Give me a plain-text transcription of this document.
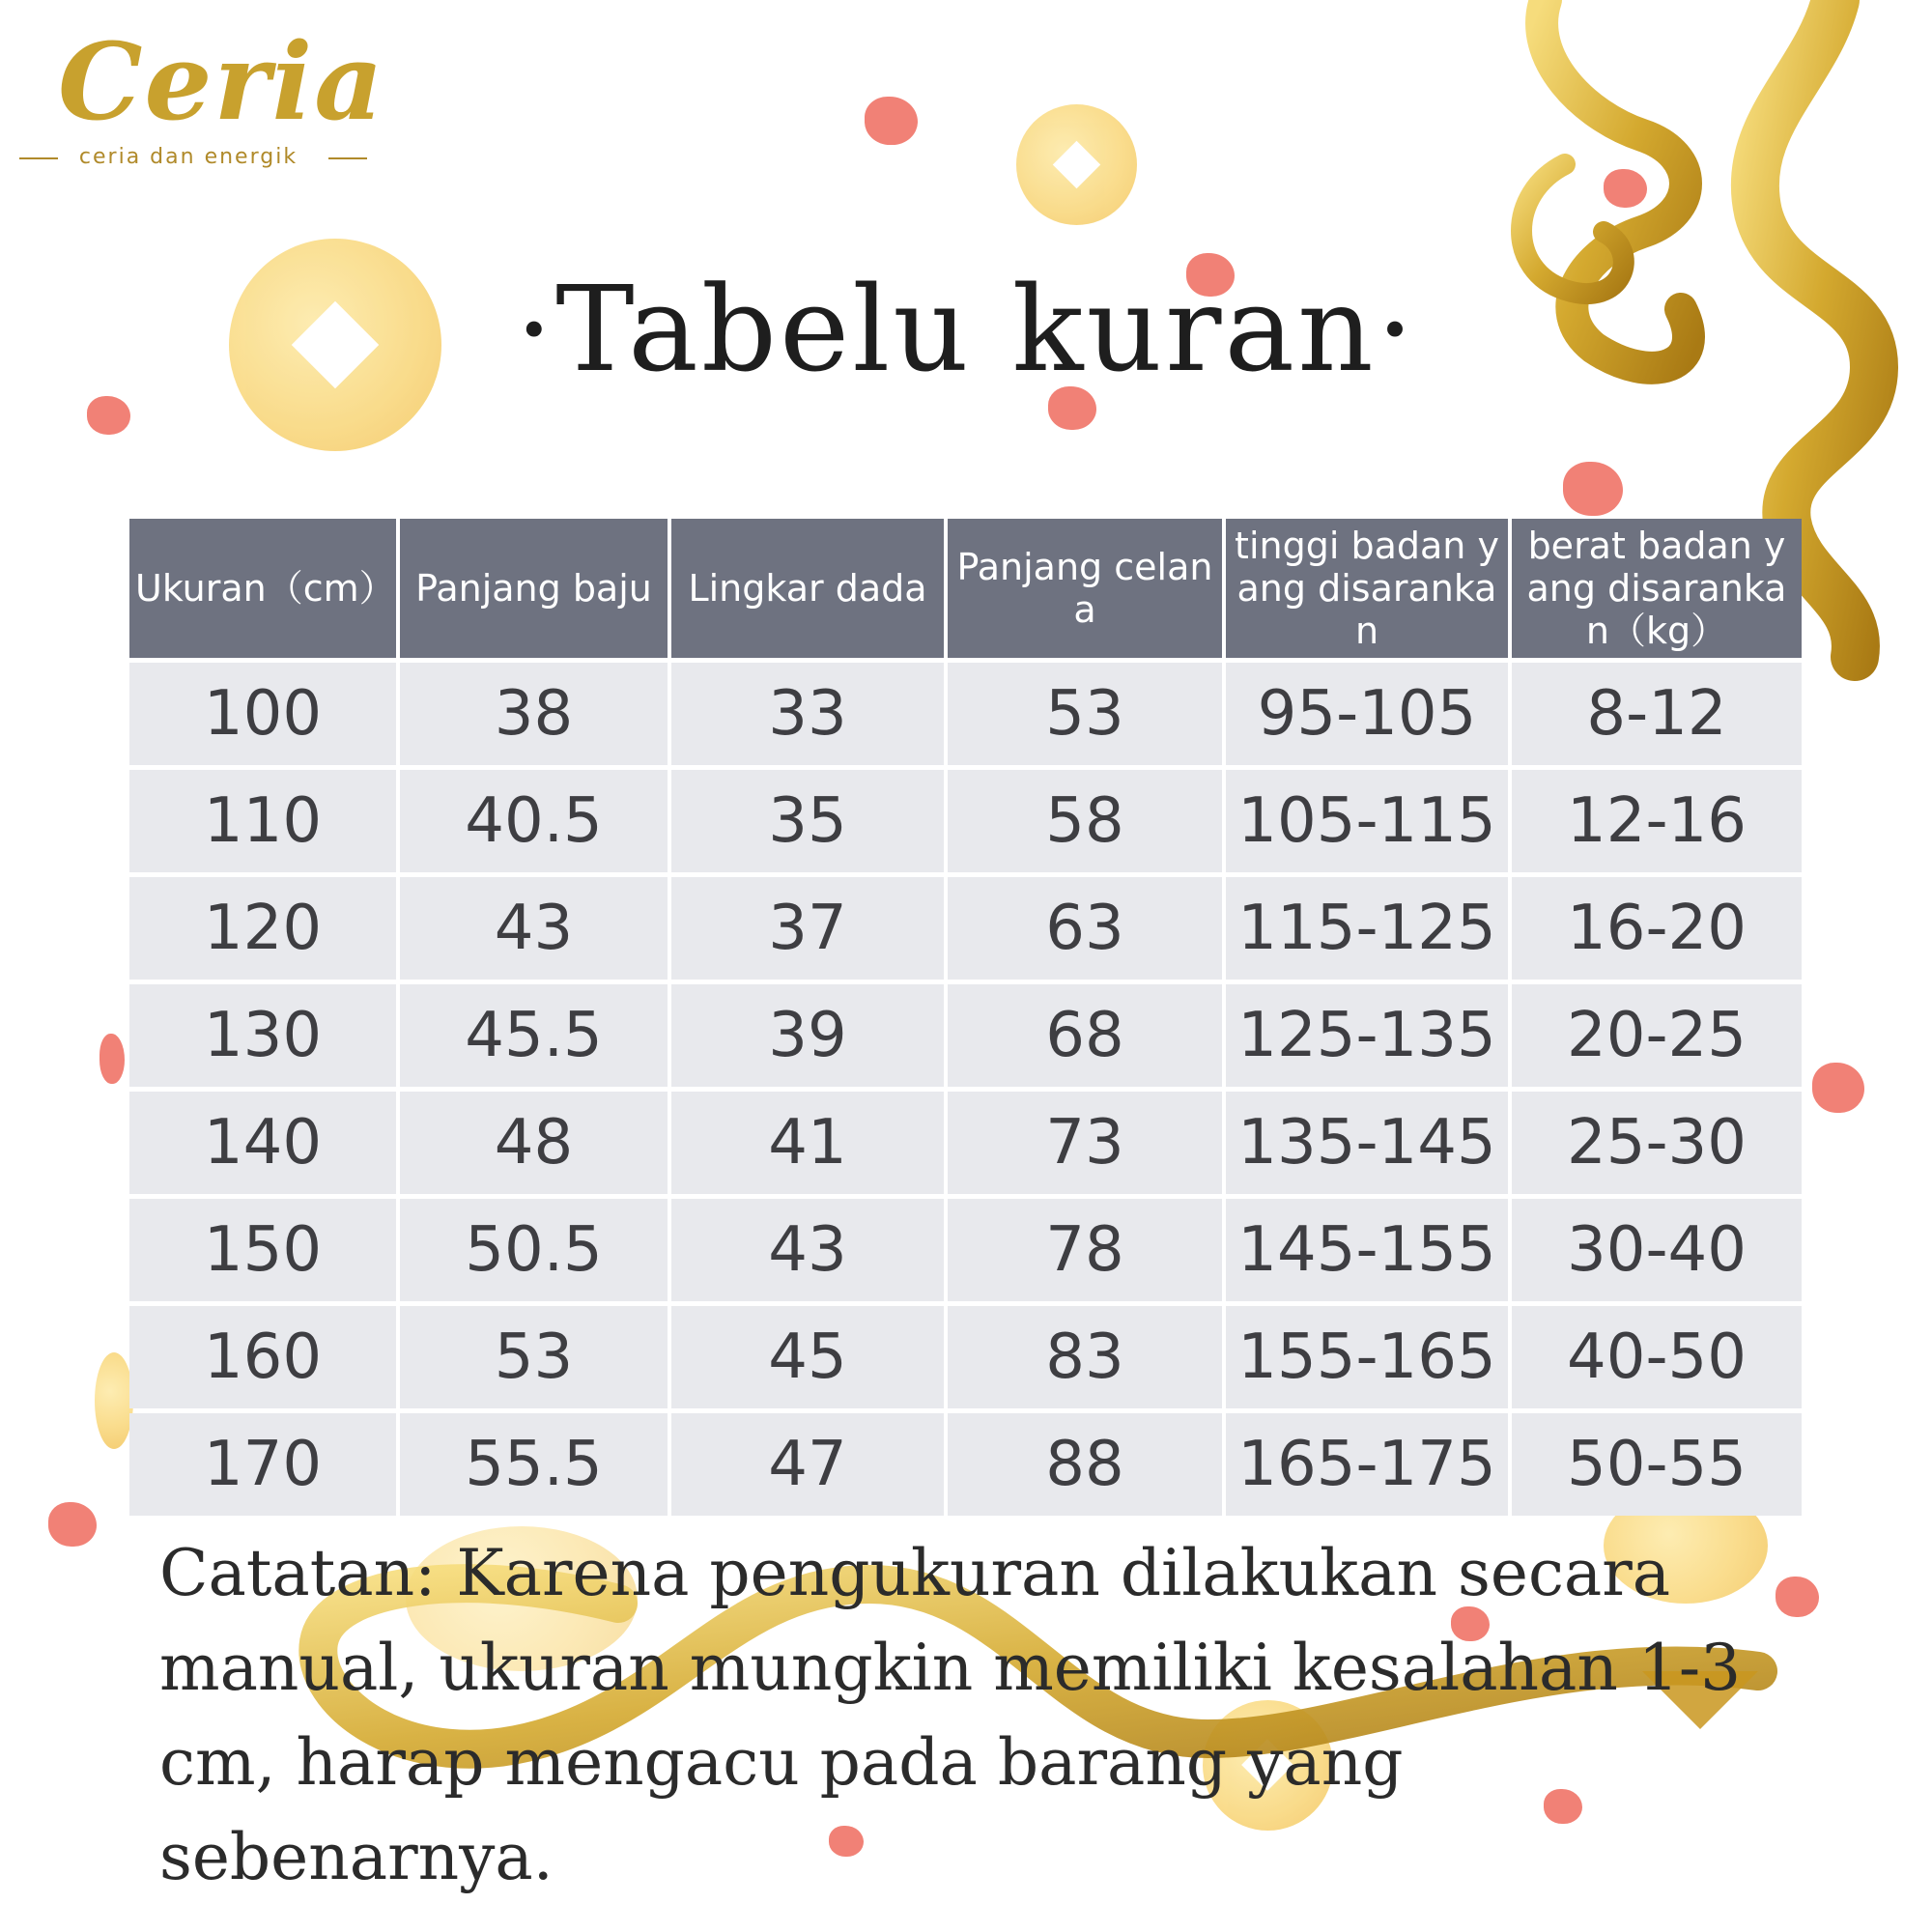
Ceria
ceria dan energik
·Tabelu kuran·
Ukuran（cm）	Panjang baju	Lingkar dada	Panjang celana	tinggi badan yang disarankan	berat badan yang disarankan（kg）
100	38	33	53	95-105	8-12
110	40.5	35	58	105-115	12-16
120	43	37	63	115-125	16-20
130	45.5	39	68	125-135	20-25
140	48	41	73	135-145	25-30
150	50.5	43	78	145-155	30-40
160	53	45	83	155-165	40-50
170	55.5	47	88	165-175	50-55
Catatan: Karena pengukuran dilakukan secara manual, ukuran mungkin memiliki kesalahan 1-3 cm, harap mengacu pada barang yang sebenarnya.
